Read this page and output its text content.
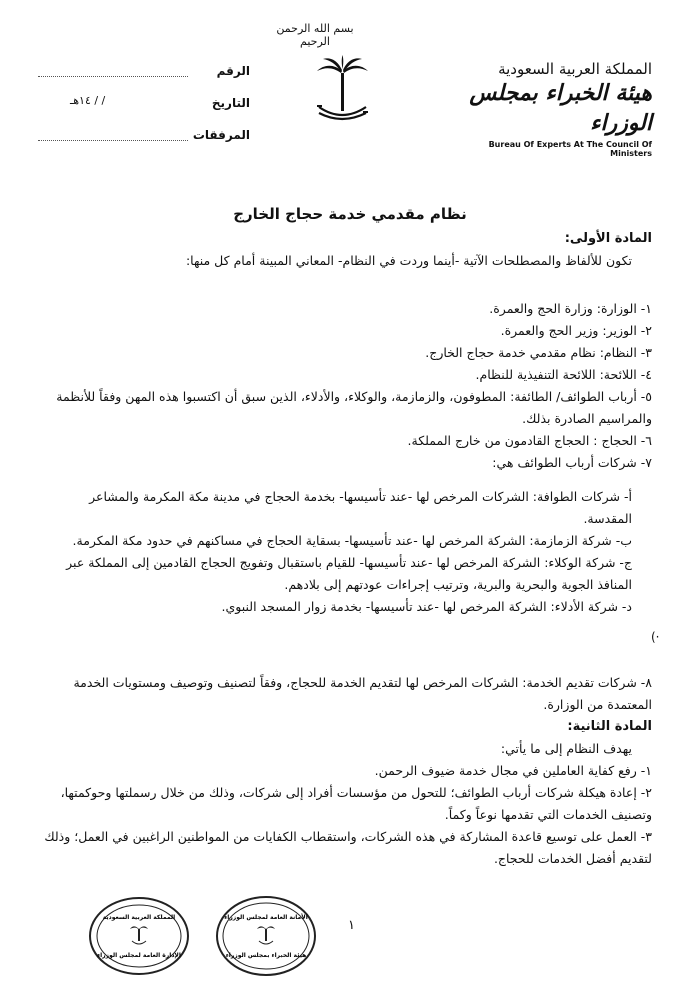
بسم الله الرحمن الرحيم
الرقم
التاريخ
/ / ١٤هـ
المرفقات
المملكة العربية السعودية
هيئة الخبراء بمجلس الوزراء
Bureau Of Experts At The Council Of Ministers
نظام مقدمي خدمة حجاج الخارج
المادة الأولى:
تكون للألفاظ والمصطلحات الآتية -أينما وردت في النظام- المعاني المبينة أمام كل منها:
١- الوزارة: وزارة الحج والعمرة.
٢- الوزير: وزير الحج والعمرة.
٣- النظام: نظام مقدمي خدمة حجاج الخارج.
٤- اللائحة: اللائحة التنفيذية للنظام.
٥- أرباب الطوائف/ الطائفة: المطوفون، والزمازمة، والوكلاء، والأدلاء، الذين سبق أن اكتسبوا هذه المهن وفقاً للأنظمة والمراسيم الصادرة بذلك.
٦- الحجاج : الحجاج القادمون من خارج المملكة.
٧- شركات أرباب الطوائف هي:
أ- شركات الطوافة: الشركات المرخص لها -عند تأسيسها- بخدمة الحجاج في مدينة مكة المكرمة والمشاعر المقدسة.
ب- شركة الزمازمة: الشركة المرخص لها -عند تأسيسها- بسقاية الحجاج في مساكنهم في حدود مكة المكرمة.
ج- شركة الوكلاء: الشركة المرخص لها -عند تأسيسها- للقيام باستقبال وتفويج الحجاج القادمين إلى المملكة عبر المنافذ الجوية والبحرية والبرية، وترتيب إجراءات عودتهم إلى بلادهم.
د- شركة الأدلاء: الشركة المرخص لها -عند تأسيسها- بخدمة زوار المسجد النبوي.
٨- شركات تقديم الخدمة: الشركات المرخص لها لتقديم الخدمة للحجاج، وفقاً لتصنيف وتوصيف ومستويات الخدمة المعتمدة من الوزارة.
المادة الثانية:
يهدف النظام إلى ما يأتي:
١- رفع كفاية العاملين في مجال خدمة ضيوف الرحمن.
٢- إعادة هيكلة شركات أرباب الطوائف؛ للتحول من مؤسسات أفراد إلى شركات، وذلك من خلال رسملتها وحوكمتها، وتصنيف الخدمات التي تقدمها نوعاً وكماً.
٣- العمل على توسيع قاعدة المشاركة في هذه الشركات، واستقطاب الكفايات من المواطنين الراغبين في العمل؛ وذلك لتقديم أفضل الخدمات للحجاج.
(·
المملكة العربية السعودية
الإدارة العامة لمجلس الوزراء
الأمانة العامة لمجلس الوزراء
هيئة الخبراء بمجلس الوزراء
١
